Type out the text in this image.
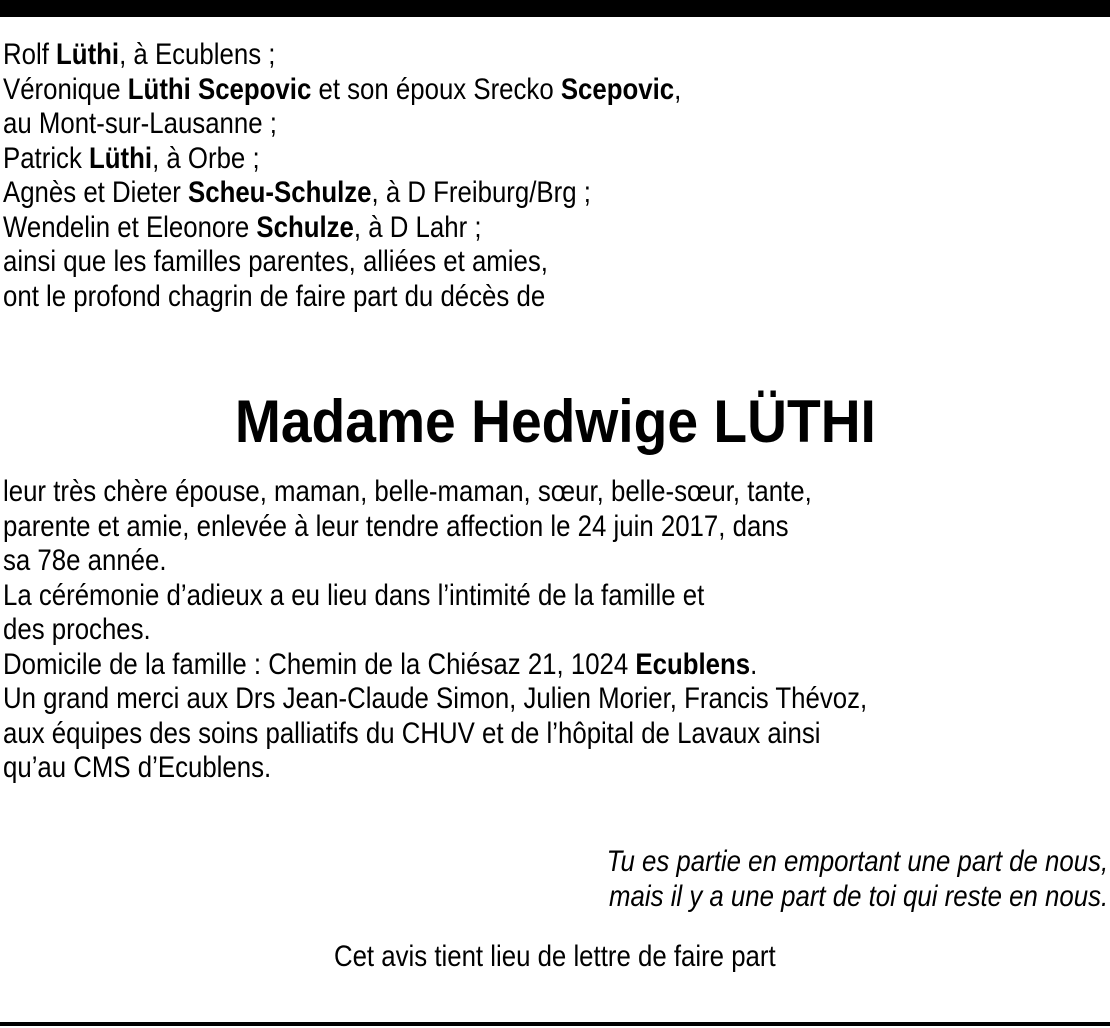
Rolf Lüthi, à Ecublens ;
Véronique Lüthi Scepovic et son époux Srecko Scepovic,
au Mont-sur-Lausanne ;
Patrick Lüthi, à Orbe ;
Agnès et Dieter Scheu-Schulze, à D Freiburg/Brg ;
Wendelin et Eleonore Schulze, à D Lahr ;
ainsi que les familles parentes, alliées et amies,
ont le profond chagrin de faire part du décès de
Madame Hedwige LÜTHI
leur très chère épouse, maman, belle-maman, sœur, belle-sœur, tante,
parente et amie, enlevée à leur tendre affection le 24 juin 2017, dans
sa 78e année.
La cérémonie d’adieux a eu lieu dans l’intimité de la famille et
des proches.
Domicile de la famille : Chemin de la Chiésaz 21, 1024 Ecublens.
Un grand merci aux Drs Jean-Claude Simon, Julien Morier, Francis Thévoz,
aux équipes des soins palliatifs du CHUV et de l’hôpital de Lavaux ainsi
qu’au CMS d’Ecublens.
Tu es partie en emportant une part de nous,
mais il y a une part de toi qui reste en nous.
Cet avis tient lieu de lettre de faire part
